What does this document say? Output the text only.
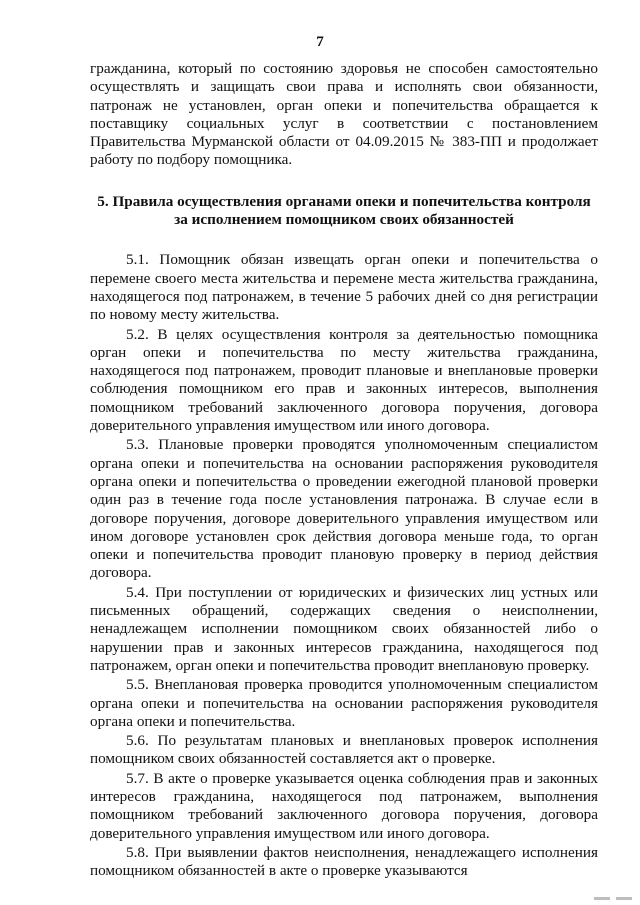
7

гражданина, который по состоянию здоровья не способен самостоятельно осуществлять и защищать свои права и исполнять свои обязанности, патронаж не установлен, орган опеки и попечительства обращается к поставщику социальных услуг в соответствии с постановлением Правительства Мурманской области от 04.09.2015 № 383-ПП и продолжает работу по подбору помощника.

5. Правила осуществления органами опеки и попечительства контроля
за исполнением помощником своих обязанностей

5.1. Помощник обязан извещать орган опеки и попечительства о перемене своего места жительства и перемене места жительства гражданина, находящегося под патронажем, в течение 5 рабочих дней со дня регистрации по новому месту жительства.

5.2. В целях осуществления контроля за деятельностью помощника орган опеки и попечительства по месту жительства гражданина, находящегося под патронажем, проводит плановые и внеплановые проверки соблюдения помощником его прав и законных интересов, выполнения помощником требований заключенного договора поручения, договора доверительного управления имуществом или иного договора.

5.3. Плановые проверки проводятся уполномоченным специалистом органа опеки и попечительства на основании распоряжения руководителя органа опеки и попечительства о проведении ежегодной плановой проверки один раз в течение года после установления патронажа. В случае если в договоре поручения, договоре доверительного управления имуществом или ином договоре установлен срок действия договора меньше года, то орган опеки и попечительства проводит плановую проверку в период действия договора.

5.4. При поступлении от юридических и физических лиц устных или письменных обращений, содержащих сведения о неисполнении, ненадлежащем исполнении помощником своих обязанностей либо о нарушении прав и законных интересов гражданина, находящегося под патронажем, орган опеки и попечительства проводит внеплановую проверку.

5.5. Внеплановая проверка проводится уполномоченным специалистом органа опеки и попечительства на основании распоряжения руководителя органа опеки и попечительства.

5.6. По результатам плановых и внеплановых проверок исполнения помощником своих обязанностей составляется акт о проверке.

5.7. В акте о проверке указывается оценка соблюдения прав и законных интересов гражданина, находящегося под патронажем, выполнения помощником требований заключенного договора поручения, договора доверительного управления имуществом или иного договора.

5.8. При выявлении фактов неисполнения, ненадлежащего исполнения помощником обязанностей в акте о проверке указываются
